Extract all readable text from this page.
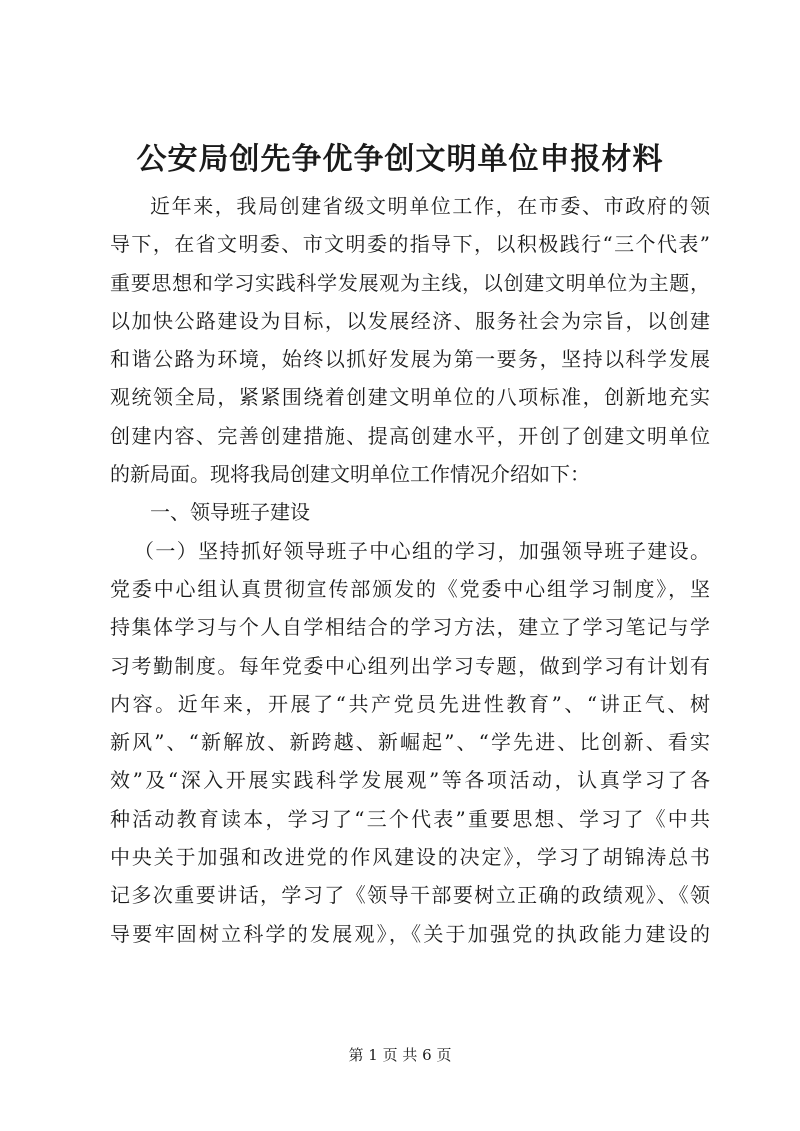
公安局创先争优争创文明单位申报材料
近年来，我局创建省级文明单位工作，在市委、市政府的领
导下，在省文明委、市文明委的指导下，以积极践行“三个代表”
重要思想和学习实践科学发展观为主线，以创建文明单位为主题，
以加快公路建设为目标，以发展经济、服务社会为宗旨，以创建
和谐公路为环境，始终以抓好发展为第一要务，坚持以科学发展
观统领全局，紧紧围绕着创建文明单位的八项标准，创新地充实
创建内容、完善创建措施、提高创建水平，开创了创建文明单位
的新局面。现将我局创建文明单位工作情况介绍如下：
一、领导班子建设
（一）坚持抓好领导班子中心组的学习，加强领导班子建设。
党委中心组认真贯彻宣传部颁发的《党委中心组学习制度》，坚
持集体学习与个人自学相结合的学习方法，建立了学习笔记与学
习考勤制度。每年党委中心组列出学习专题，做到学习有计划有
内容。近年来，开展了“共产党员先进性教育”、“讲正气、树
新风”、“新解放、新跨越、新崛起”、“学先进、比创新、看实
效”及“深入开展实践科学发展观”等各项活动，认真学习了各
种活动教育读本，学习了“三个代表”重要思想、学习了《中共
中央关于加强和改进党的作风建设的决定》，学习了胡锦涛总书
记多次重要讲话，学习了《领导干部要树立正确的政绩观》、《领
导要牢固树立科学的发展观》，《关于加强党的执政能力建设的
第 1 页 共 6 页
